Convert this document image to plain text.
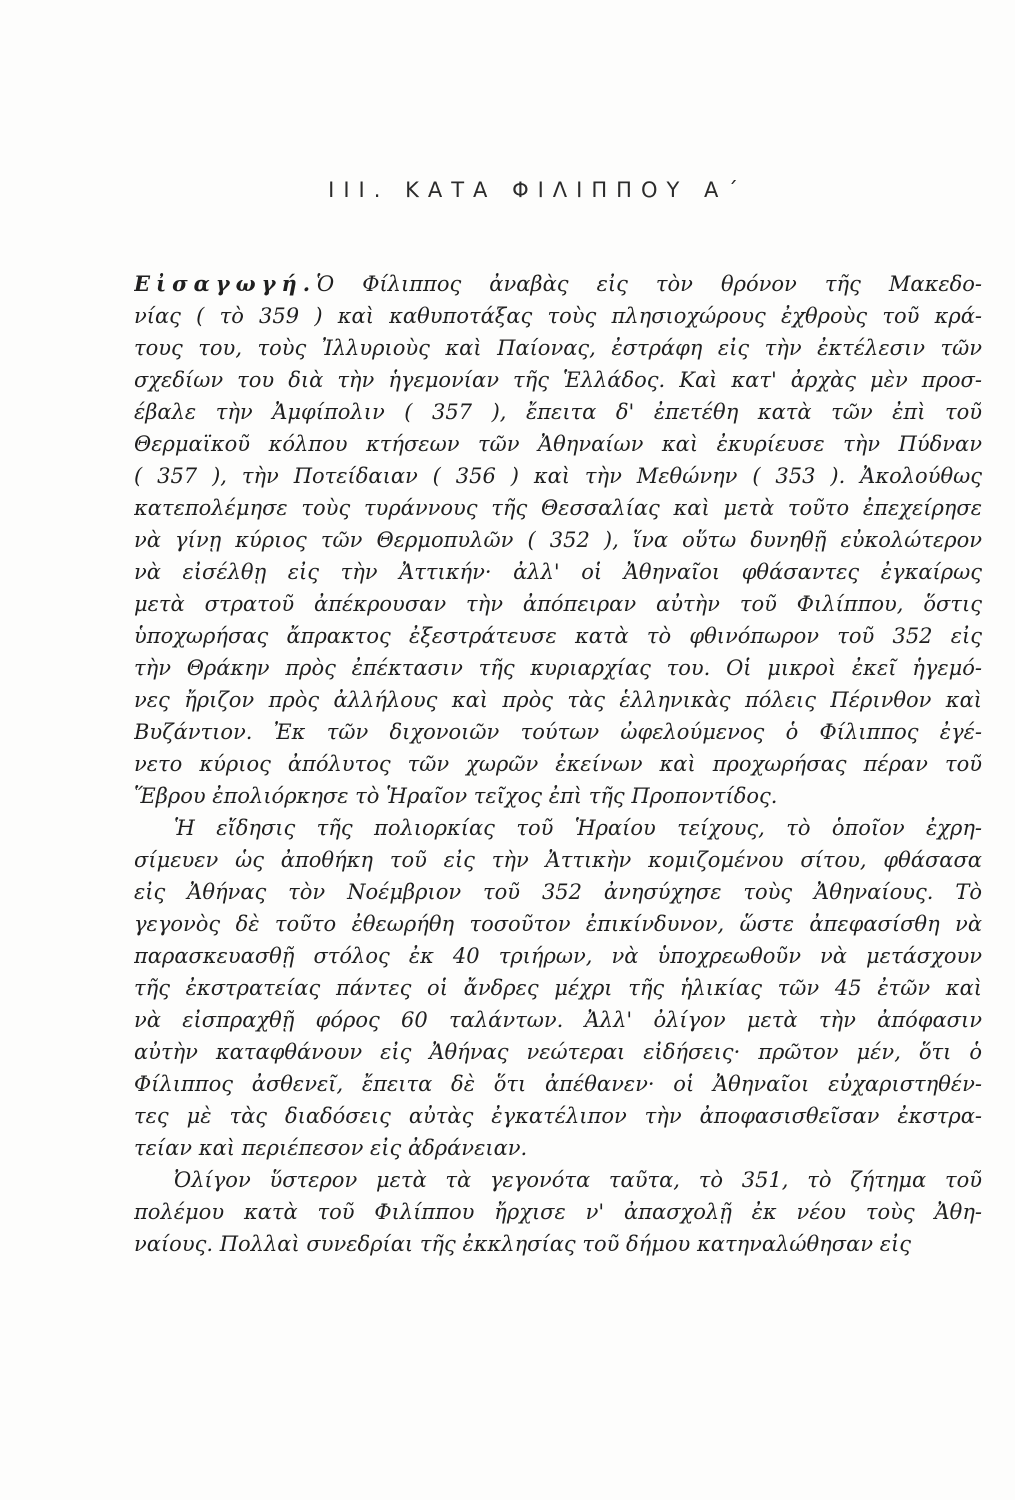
III. ΚΑΤΑ ΦΙΛΙΠΠΟΥ Α΄
Εἰσαγωγή.Ὁ Φίλιππος ἀναβὰς εἰς τὸν θρόνον τῆς Μακεδο-
νίας ( τὸ 359 ) καὶ καθυποτάξας τοὺς πλησιοχώρους ἐχθροὺς τοῦ κρά-
τους του, τοὺς Ἰλλυριοὺς καὶ Παίονας, ἐστράφη εἰς τὴν ἐκτέλεσιν τῶν
σχεδίων του διὰ τὴν ἡγεμονίαν τῆς Ἑλλάδος. Καὶ κατ' ἀρχὰς μὲν προσ-
έβαλε τὴν Ἀμφίπολιν ( 357 ), ἔπειτα δ' ἐπετέθη κατὰ τῶν ἐπὶ τοῦ
Θερμαϊκοῦ κόλπου κτήσεων τῶν Ἀθηναίων καὶ ἐκυρίευσε τὴν Πύδναν
( 357 ), τὴν Ποτείδαιαν ( 356 ) καὶ τὴν Μεθώνην ( 353 ). Ἀκολούθως
κατεπολέμησε τοὺς τυράννους τῆς Θεσσαλίας καὶ μετὰ τοῦτο ἐπεχείρησε
νὰ γίνῃ κύριος τῶν Θερμοπυλῶν ( 352 ), ἵνα οὕτω δυνηθῇ εὐκολώτερον
νὰ εἰσέλθῃ εἰς τὴν Ἀττικήν· ἀλλ' οἱ Ἀθηναῖοι φθάσαντες ἐγκαίρως
μετὰ στρατοῦ ἀπέκρουσαν τὴν ἀπόπειραν αὐτὴν τοῦ Φιλίππου, ὅστις
ὑποχωρήσας ἄπρακτος ἐξεστράτευσε κατὰ τὸ φθινόπωρον τοῦ 352 εἰς
τὴν Θράκην πρὸς ἐπέκτασιν τῆς κυριαρχίας του. Οἱ μικροὶ ἐκεῖ ἡγεμό-
νες ἤριζον πρὸς ἀλλήλους καὶ πρὸς τὰς ἑλληνικὰς πόλεις Πέρινθον καὶ
Βυζάντιον. Ἐκ τῶν διχονοιῶν τούτων ὠφελούμενος ὁ Φίλιππος ἐγέ-
νετο κύριος ἀπόλυτος τῶν χωρῶν ἐκείνων καὶ προχωρήσας πέραν τοῦ
Ἕβρου ἐπολιόρκησε τὸ Ἡραῖον τεῖχος ἐπὶ τῆς Προποντίδος.
Ἡ εἴδησις τῆς πολιορκίας τοῦ Ἡραίου τείχους, τὸ ὁποῖον ἐχρη-
σίμευεν ὡς ἀποθήκη τοῦ εἰς τὴν Ἀττικὴν κομιζομένου σίτου, φθάσασα
εἰς Ἀθήνας τὸν Νοέμβριον τοῦ 352 ἀνησύχησε τοὺς Ἀθηναίους. Τὸ
γεγονὸς δὲ τοῦτο ἐθεωρήθη τοσοῦτον ἐπικίνδυνον, ὥστε ἀπεφασίσθη νὰ
παρασκευασθῇ στόλος ἐκ 40 τριήρων, νὰ ὑποχρεωθοῦν νὰ μετάσχουν
τῆς ἐκστρατείας πάντες οἱ ἄνδρες μέχρι τῆς ἡλικίας τῶν 45 ἐτῶν καὶ
νὰ εἰσπραχθῇ φόρος 60 ταλάντων. Ἀλλ' ὀλίγον μετὰ τὴν ἀπόφασιν
αὐτὴν καταφθάνουν εἰς Ἀθήνας νεώτεραι εἰδήσεις· πρῶτον μέν, ὅτι ὁ
Φίλιππος ἀσθενεῖ, ἔπειτα δὲ ὅτι ἀπέθανεν· οἱ Ἀθηναῖοι εὐχαριστηθέν-
τες μὲ τὰς διαδόσεις αὐτὰς ἐγκατέλιπον τὴν ἀποφασισθεῖσαν ἐκστρα-
τείαν καὶ περιέπεσον εἰς ἀδράνειαν.
Ὀλίγον ὕστερον μετὰ τὰ γεγονότα ταῦτα, τὸ 351, τὸ ζήτημα τοῦ
πολέμου κατὰ τοῦ Φιλίππου ἤρχισε ν' ἀπασχολῇ ἐκ νέου τοὺς Ἀθη-
ναίους. Πολλαὶ συνεδρίαι τῆς ἐκκλησίας τοῦ δήμου κατηναλώθησαν εἰς
